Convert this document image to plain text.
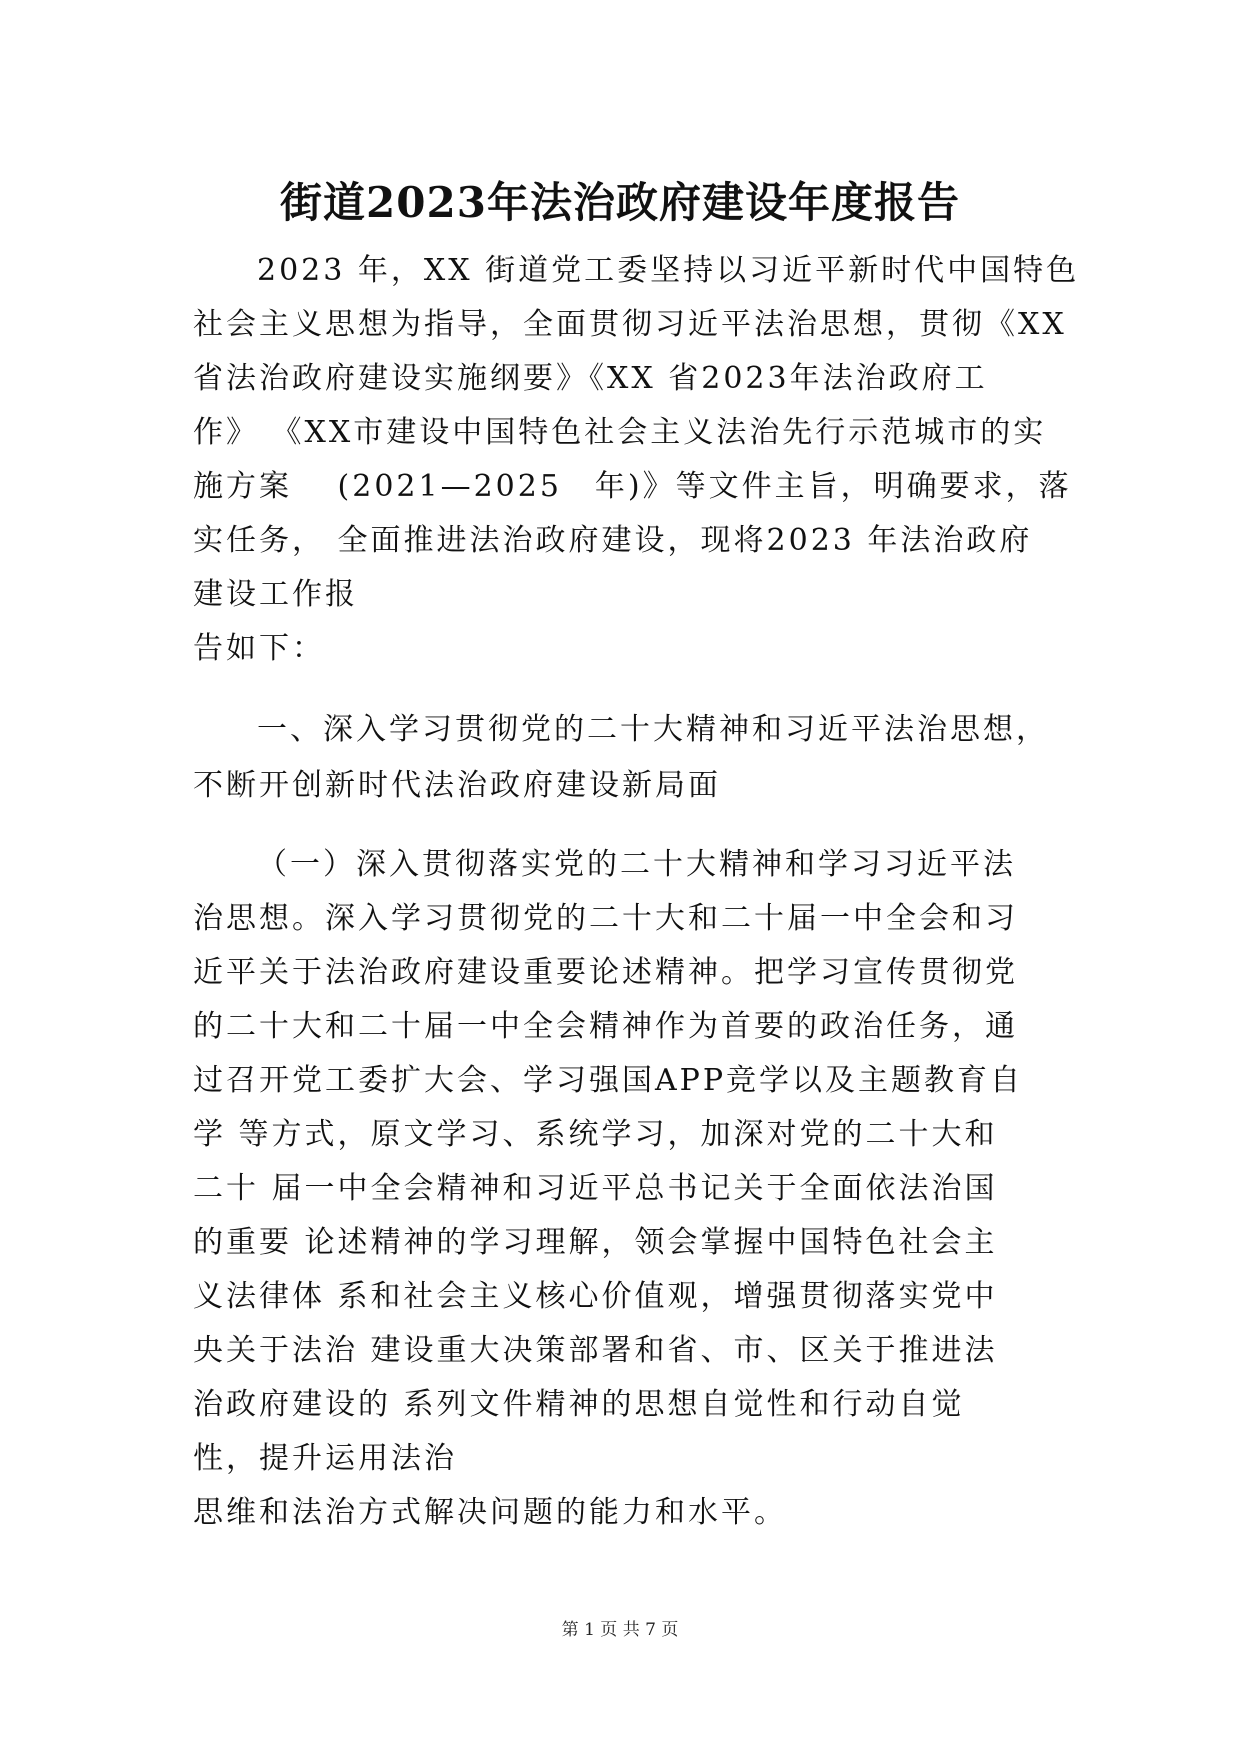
街道2023年法治政府建设年度报告
2023 年，XX 街道党工委坚持以习近平新时代中国特色
社会主义思想为指导，全面贯彻习近平法治思想，贯彻《XX
省法治政府建设实施纲要》《XX 省2023年法治政府工
作》 《XX市建设中国特色社会主义法治先行示范城市的实
施方案　 (2021—2025　年)》等文件主旨，明确要求，落
实任务， 全面推进法治政府建设，现将2023 年法治政府
建设工作报
告如下：
一、深入学习贯彻党的二十大精神和习近平法治思想，
不断开创新时代法治政府建设新局面
（一）深入贯彻落实党的二十大精神和学习习近平法
治思想。深入学习贯彻党的二十大和二十届一中全会和习
近平关于法治政府建设重要论述精神。把学习宣传贯彻党
的二十大和二十届一中全会精神作为首要的政治任务，通
过召开党工委扩大会、学习强国APP竞学以及主题教育自
学 等方式，原文学习、系统学习，加深对党的二十大和
二十 届一中全会精神和习近平总书记关于全面依法治国
的重要 论述精神的学习理解，领会掌握中国特色社会主
义法律体 系和社会主义核心价值观，增强贯彻落实党中
央关于法治 建设重大决策部署和省、市、区关于推进法
治政府建设的 系列文件精神的思想自觉性和行动自觉
性，提升运用法治
思维和法治方式解决问题的能力和水平。
第 1 页 共 7 页
